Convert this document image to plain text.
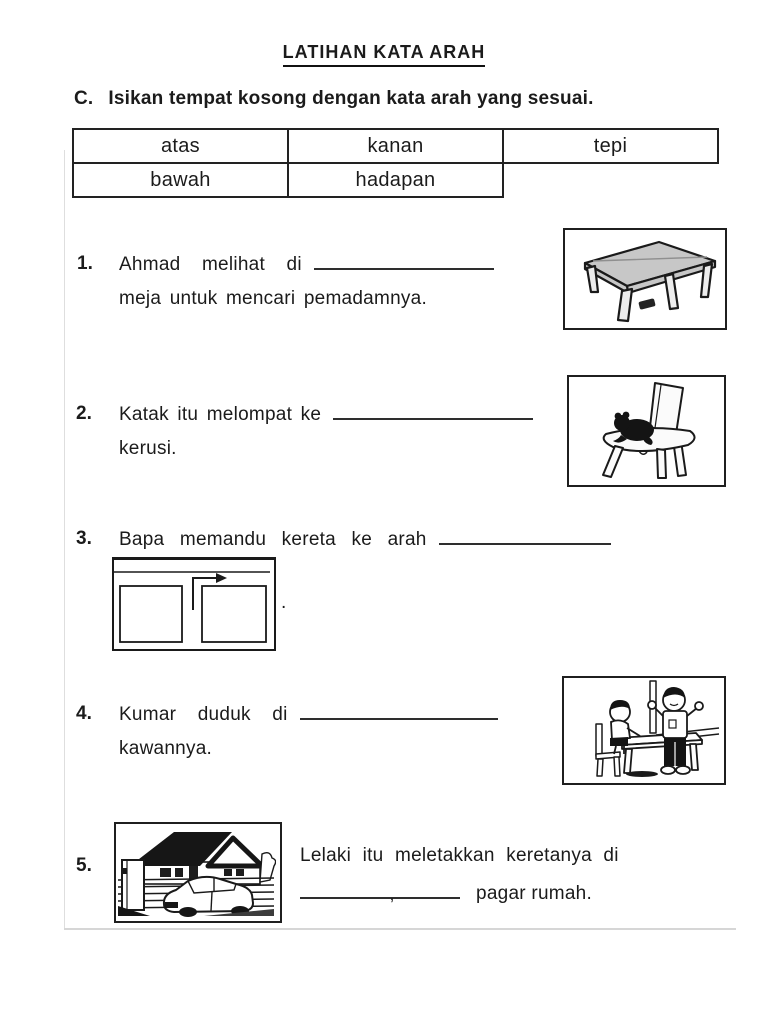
LATIHAN KATA ARAH
C. Isikan tempat kosong dengan kata arah yang sesuai.
atas	kanan	tepi
bawah	hadapan	
1. Ahmad melihat di
meja untuk mencari pemadamnya.
2. Katak itu melompat ke
kerusi.
3. Bapa memandu kereta ke arah
.
4. Kumar duduk di
kawannya.
5.	Lelaki itu meletakkan keretanya di
,	pagar rumah.
